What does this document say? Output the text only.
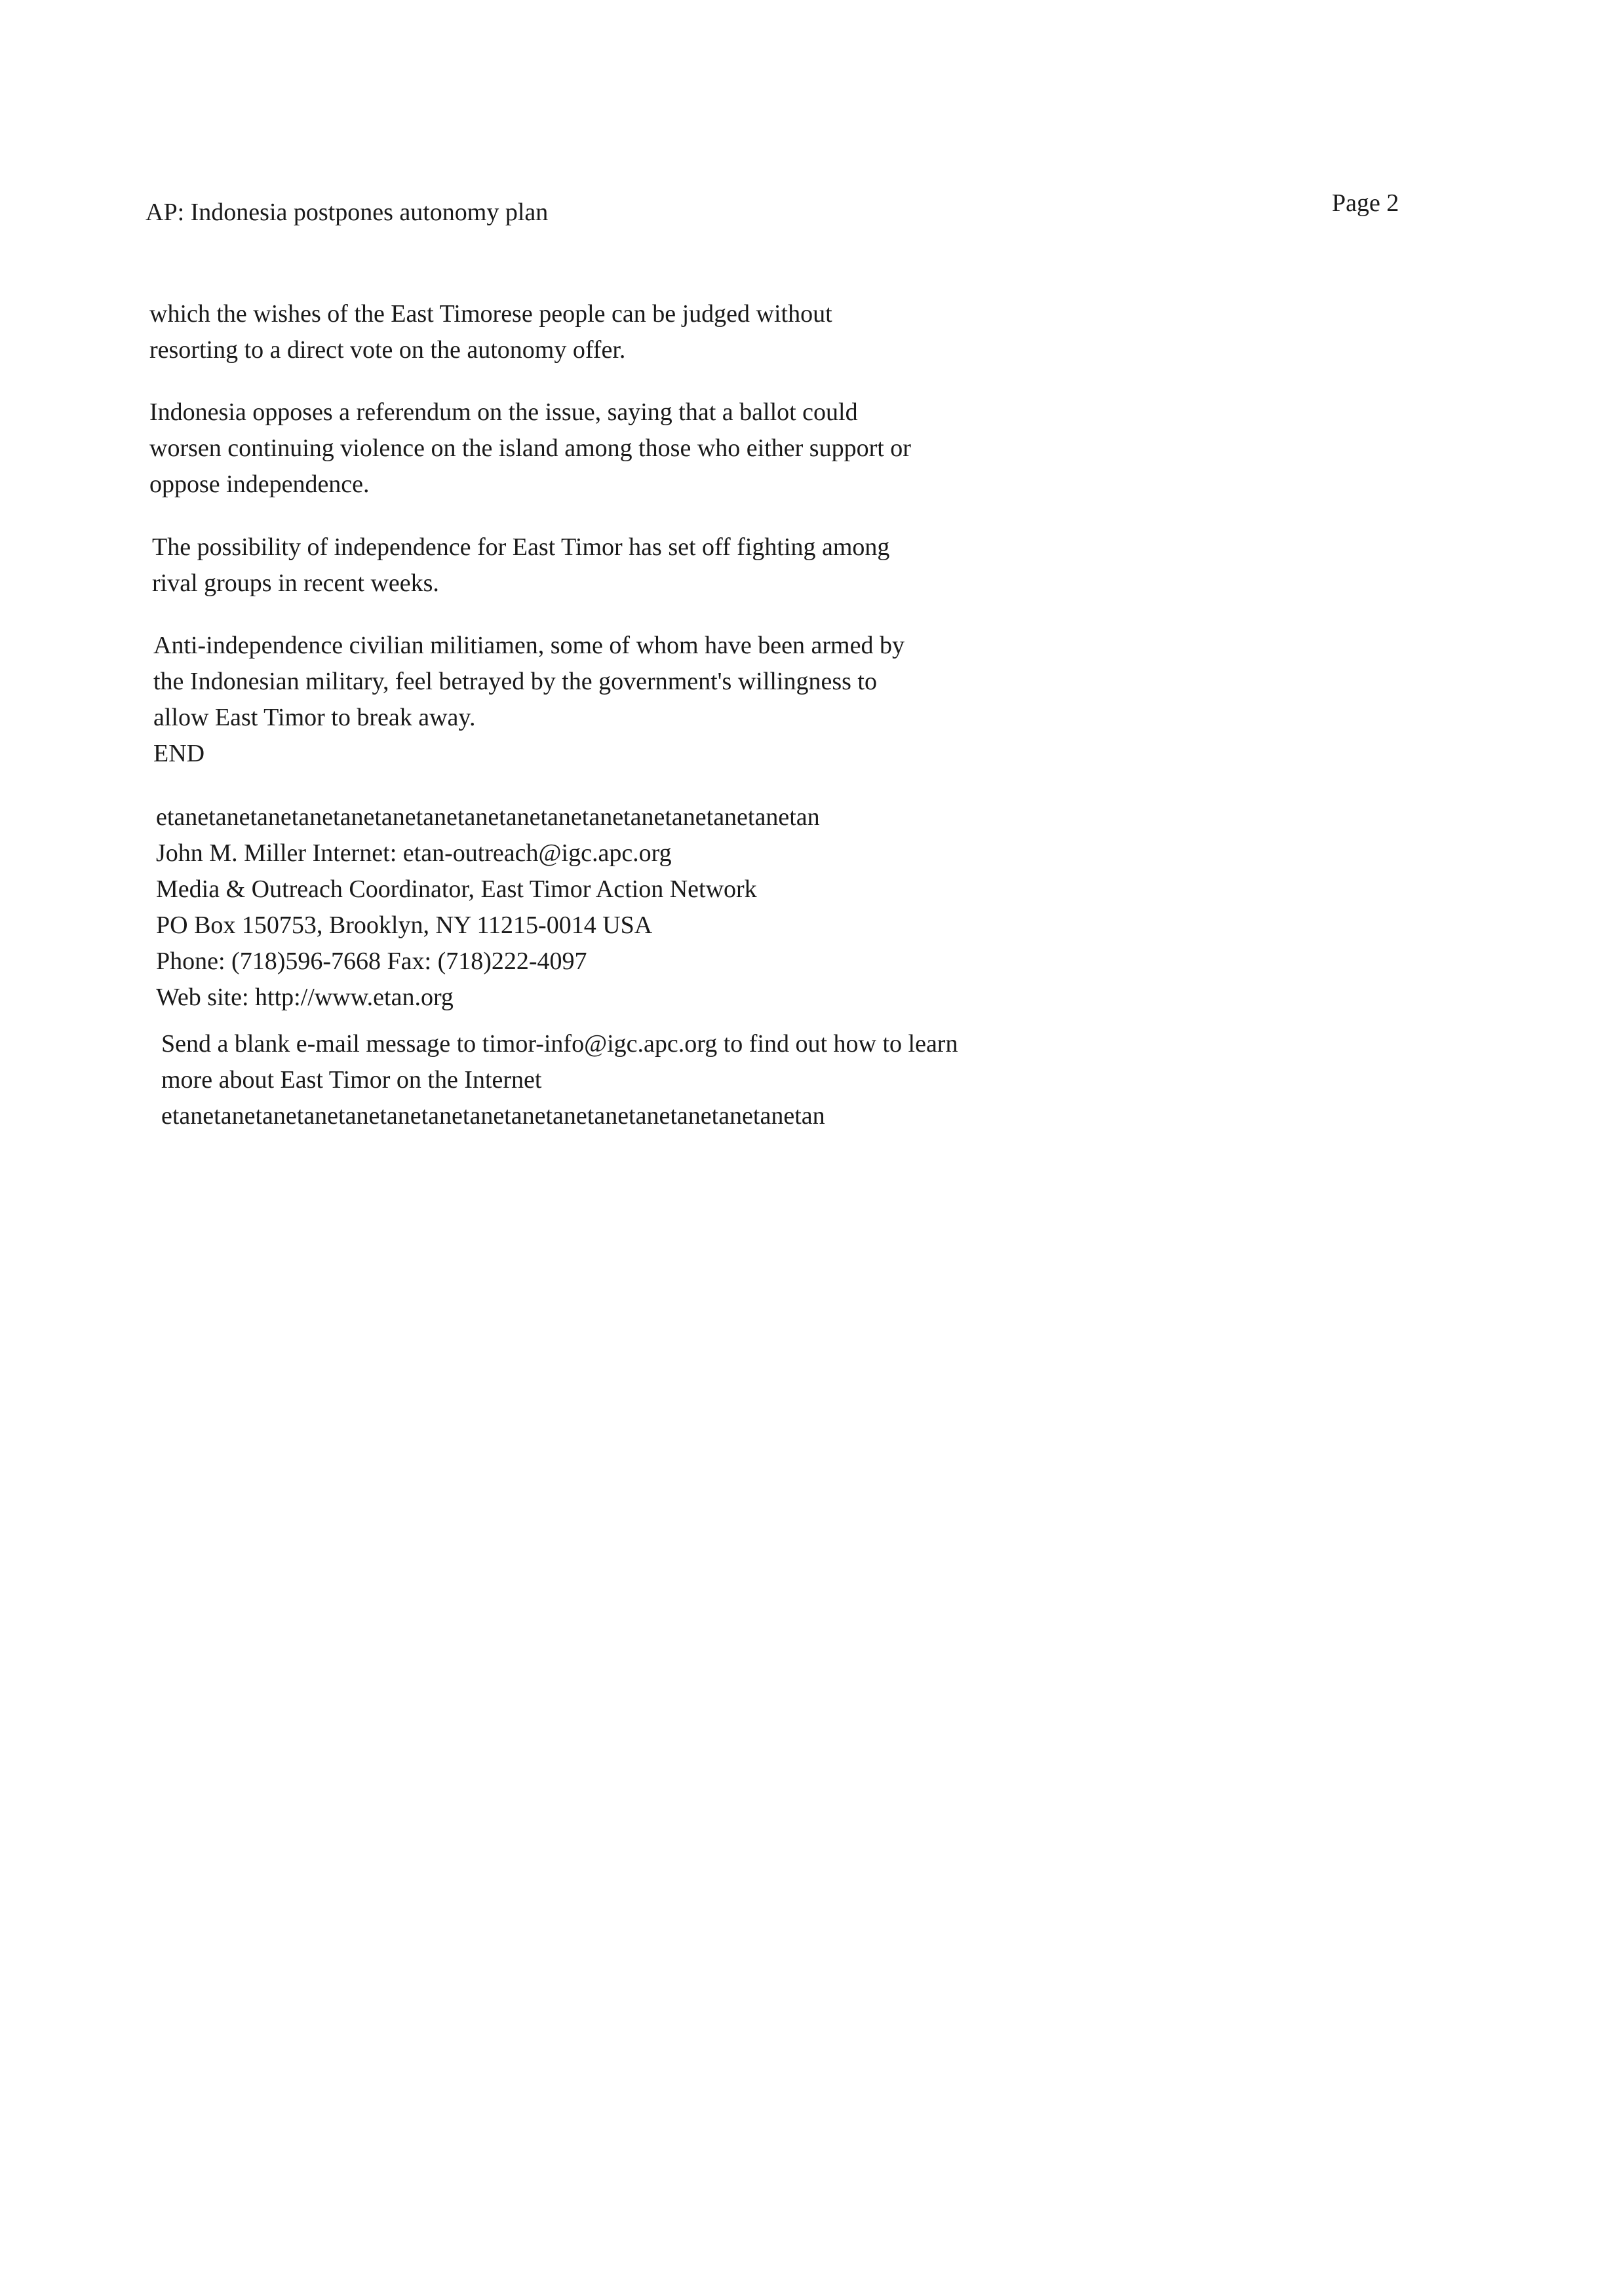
AP: Indonesia postpones autonomy plan	Page 2
which the wishes of the East Timorese people can be judged without
resorting to a direct vote on the autonomy offer.
Indonesia opposes a referendum on the issue, saying that a ballot could
worsen continuing violence on the island among those who either support or
oppose independence.
The possibility of independence for East Timor has set off fighting among
rival groups in recent weeks.
Anti-independence civilian militiamen, some of whom have been armed by
the Indonesian military, feel betrayed by the government's willingness to
allow East Timor to break away.
END
etanetanetanetanetanetanetanetanetanetanetanetanetanetanetanetan
John M. Miller Internet: etan-outreach@igc.apc.org
Media & Outreach Coordinator, East Timor Action Network
PO Box 150753, Brooklyn, NY 11215-0014 USA
Phone: (718)596-7668 Fax: (718)222-4097
Web site: http://www.etan.org
Send a blank e-mail message to timor-info@igc.apc.org to find out how to learn
more about East Timor on the Internet
etanetanetanetanetanetanetanetanetanetanetanetanetanetanetanetan
